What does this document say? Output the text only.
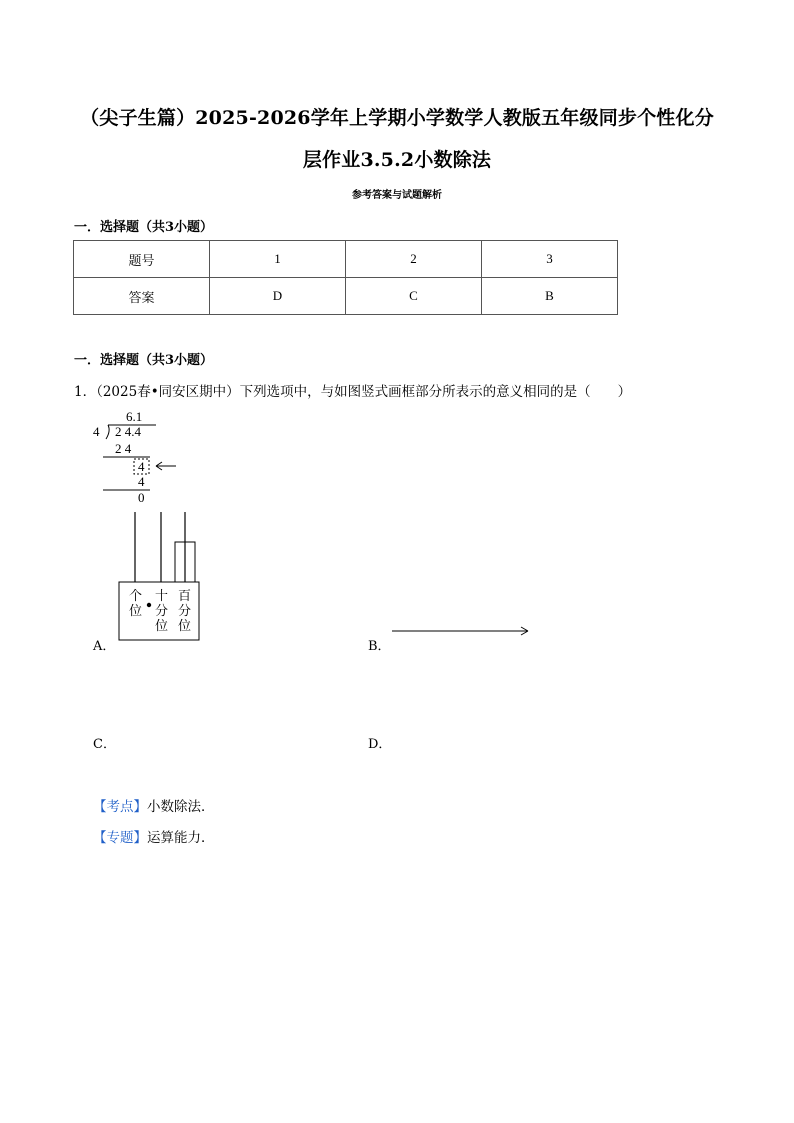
（尖子生篇）2025-2026学年上学期小学数学人教版五年级同步个性化分
层作业3.5.2小数除法
参考答案与试题解析
一．选择题（共3小题）
题号	1	2	3
答案	D	C	B
一．选择题（共3小题）
1．（2025春•同安区期中）下列选项中，与如图竖式画框部分所表示的意义相同的是（　　）
6.1
4 2 4.4
2 4
4
4
0
A．
个
位
十
分
位
百
分
位
B．
C．	D．
【考点】小数除法．
【专题】运算能力．
